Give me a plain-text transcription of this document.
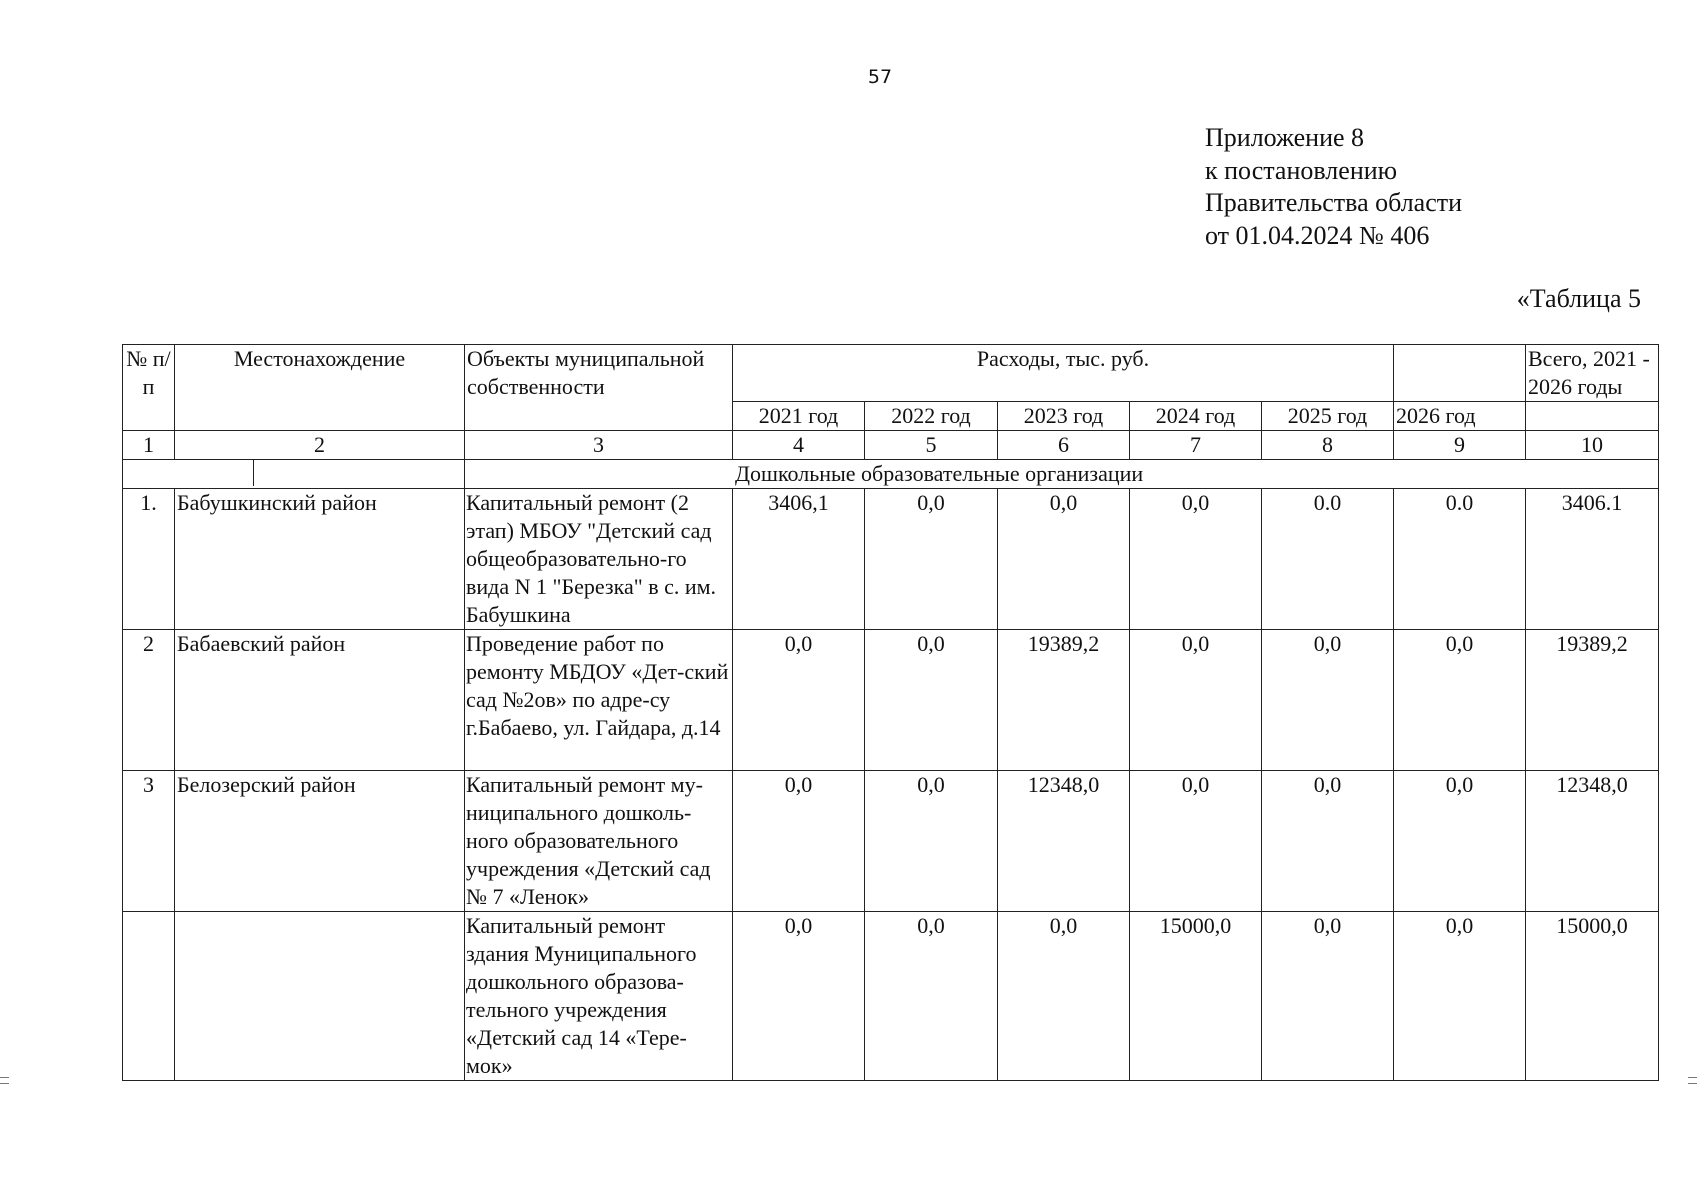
57
Приложение 8
к постановлению
Правительства области
от 01.04.2024 № 406
«Таблица 5
№ п/п	Местонахождение	Объекты муниципальной собственности	Расходы, тыс. руб.						Всего, 2021 - 2026 годы
			2021 год	2022 год	2023 год	2024 год	2025 год	2026 год	
1	2	3	4	5	6	7	8	9	10

		Дошкольные образовательные организации							
1.	Бабушкинский район	Капитальный ремонт (2 этап) МБОУ "Детский сад общеобразовательно-го вида N 1 "Березка" в с. им. Бабушкина	3406,1	0,0	0,0	0,0	0.0	0.0	3406.1
2	Бабаевский район	Проведение работ по ремонту МБДОУ «Дет-ский сад №2ов» по адре-су г.Бабаево, ул. Гайдара, д.14	0,0	0,0	19389,2	0,0	0,0	0,0	19389,2
3	Белозерский район	Капитальный ремонт му-ниципального дошколь-ного образовательного учреждения «Детский сад № 7 «Ленок»	0,0	0,0	12348,0	0,0	0,0	0,0	12348,0
		Капитальный ремонт здания Муниципального дошкольного образова-тельного учреждения «Детский сад 14 «Тере-мок»	0,0	0,0	0,0	15000,0	0,0	0,0	15000,0
